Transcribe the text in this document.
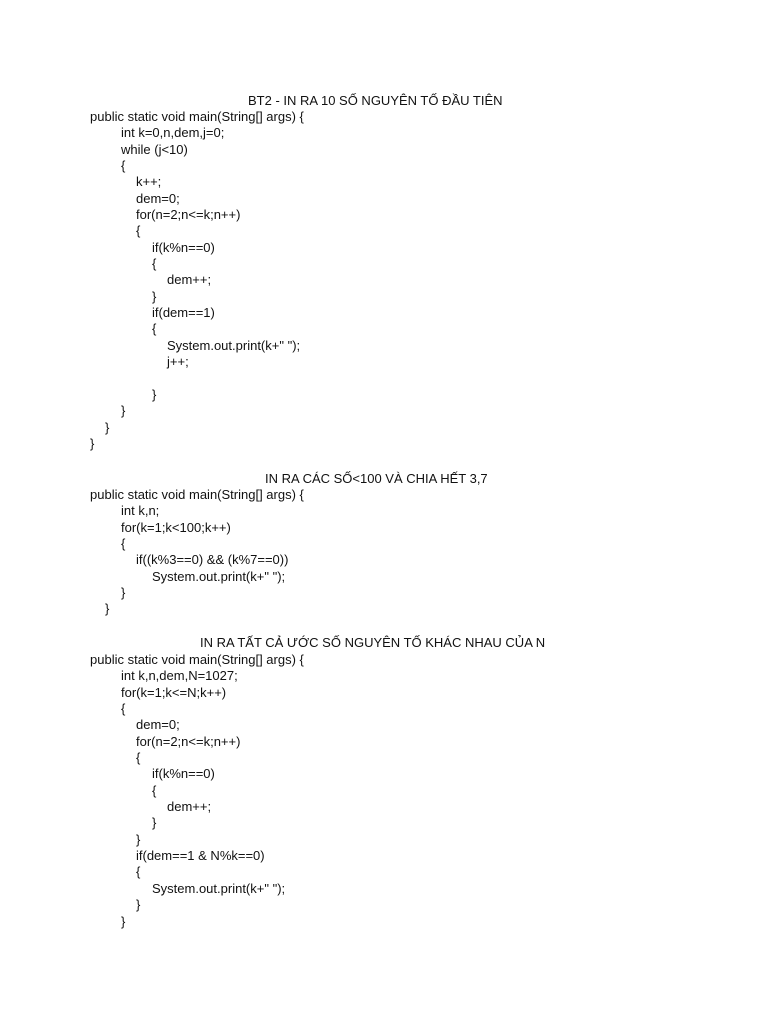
BT2 - IN RA 10 SỐ NGUYÊN TỐ ĐẦU TIÊN
public static void main(String[] args) {
int k=0,n,dem,j=0;
while (j<10)
{
k++;
dem=0;
for(n=2;n<=k;n++)
{
if(k%n==0)
{
dem++;
}
if(dem==1)
{
System.out.print(k+" ");
j++;
}
}
}
}
IN RA CÁC SỐ<100 VÀ CHIA HẾT 3,7
public static void main(String[] args) {
int k,n;
for(k=1;k<100;k++)
{
if((k%3==0) && (k%7==0))
System.out.print(k+" ");
}
}
IN RA TẤT CẢ ƯỚC SỐ NGUYÊN TỐ KHÁC NHAU CỦA N
public static void main(String[] args) {
int k,n,dem,N=1027;
for(k=1;k<=N;k++)
{
dem=0;
for(n=2;n<=k;n++)
{
if(k%n==0)
{
dem++;
}
}
if(dem==1 & N%k==0)
{
System.out.print(k+" ");
}
}
